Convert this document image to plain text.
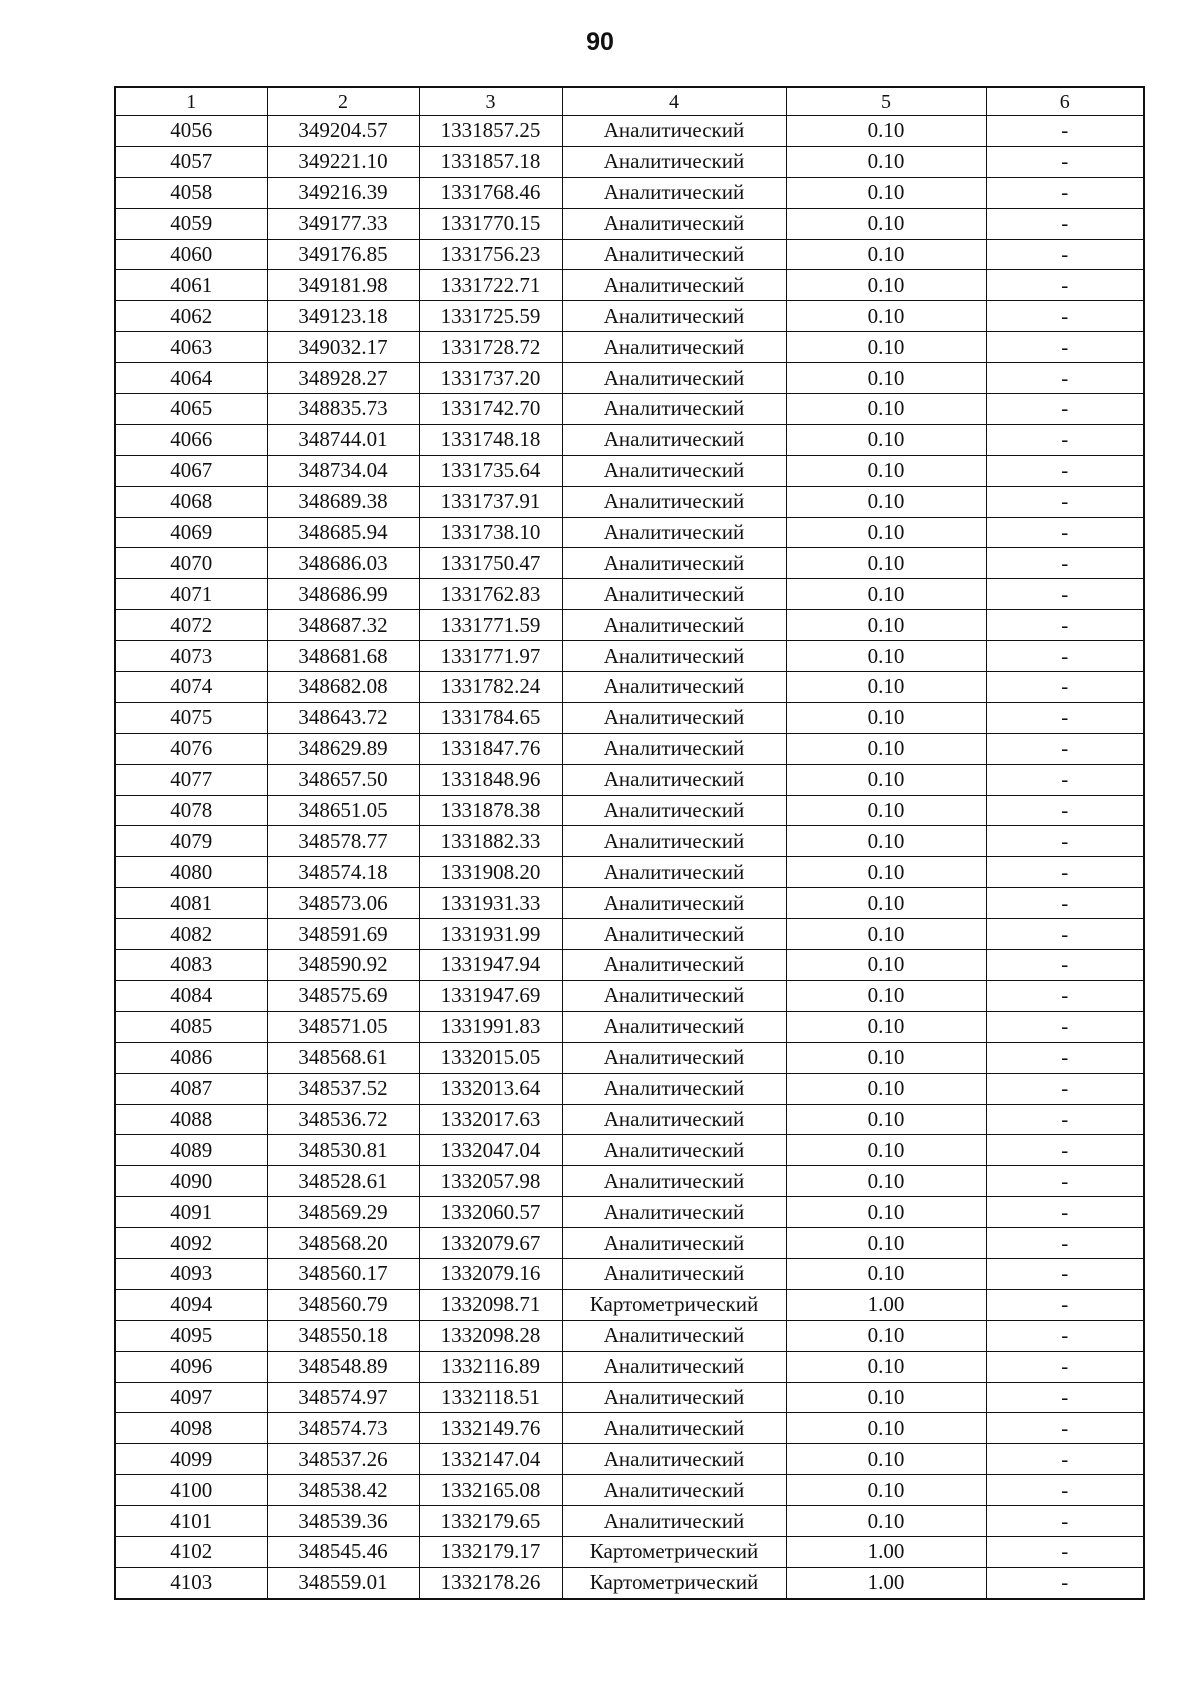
90
1	2	3	4	5	6
4056	349204.57	1331857.25	Аналитический	0.10	-
4057	349221.10	1331857.18	Аналитический	0.10	-
4058	349216.39	1331768.46	Аналитический	0.10	-
4059	349177.33	1331770.15	Аналитический	0.10	-
4060	349176.85	1331756.23	Аналитический	0.10	-
4061	349181.98	1331722.71	Аналитический	0.10	-
4062	349123.18	1331725.59	Аналитический	0.10	-
4063	349032.17	1331728.72	Аналитический	0.10	-
4064	348928.27	1331737.20	Аналитический	0.10	-
4065	348835.73	1331742.70	Аналитический	0.10	-
4066	348744.01	1331748.18	Аналитический	0.10	-
4067	348734.04	1331735.64	Аналитический	0.10	-
4068	348689.38	1331737.91	Аналитический	0.10	-
4069	348685.94	1331738.10	Аналитический	0.10	-
4070	348686.03	1331750.47	Аналитический	0.10	-
4071	348686.99	1331762.83	Аналитический	0.10	-
4072	348687.32	1331771.59	Аналитический	0.10	-
4073	348681.68	1331771.97	Аналитический	0.10	-
4074	348682.08	1331782.24	Аналитический	0.10	-
4075	348643.72	1331784.65	Аналитический	0.10	-
4076	348629.89	1331847.76	Аналитический	0.10	-
4077	348657.50	1331848.96	Аналитический	0.10	-
4078	348651.05	1331878.38	Аналитический	0.10	-
4079	348578.77	1331882.33	Аналитический	0.10	-
4080	348574.18	1331908.20	Аналитический	0.10	-
4081	348573.06	1331931.33	Аналитический	0.10	-
4082	348591.69	1331931.99	Аналитический	0.10	-
4083	348590.92	1331947.94	Аналитический	0.10	-
4084	348575.69	1331947.69	Аналитический	0.10	-
4085	348571.05	1331991.83	Аналитический	0.10	-
4086	348568.61	1332015.05	Аналитический	0.10	-
4087	348537.52	1332013.64	Аналитический	0.10	-
4088	348536.72	1332017.63	Аналитический	0.10	-
4089	348530.81	1332047.04	Аналитический	0.10	-
4090	348528.61	1332057.98	Аналитический	0.10	-
4091	348569.29	1332060.57	Аналитический	0.10	-
4092	348568.20	1332079.67	Аналитический	0.10	-
4093	348560.17	1332079.16	Аналитический	0.10	-
4094	348560.79	1332098.71	Картометрический	1.00	-
4095	348550.18	1332098.28	Аналитический	0.10	-
4096	348548.89	1332116.89	Аналитический	0.10	-
4097	348574.97	1332118.51	Аналитический	0.10	-
4098	348574.73	1332149.76	Аналитический	0.10	-
4099	348537.26	1332147.04	Аналитический	0.10	-
4100	348538.42	1332165.08	Аналитический	0.10	-
4101	348539.36	1332179.65	Аналитический	0.10	-
4102	348545.46	1332179.17	Картометрический	1.00	-
4103	348559.01	1332178.26	Картометрический	1.00	-
